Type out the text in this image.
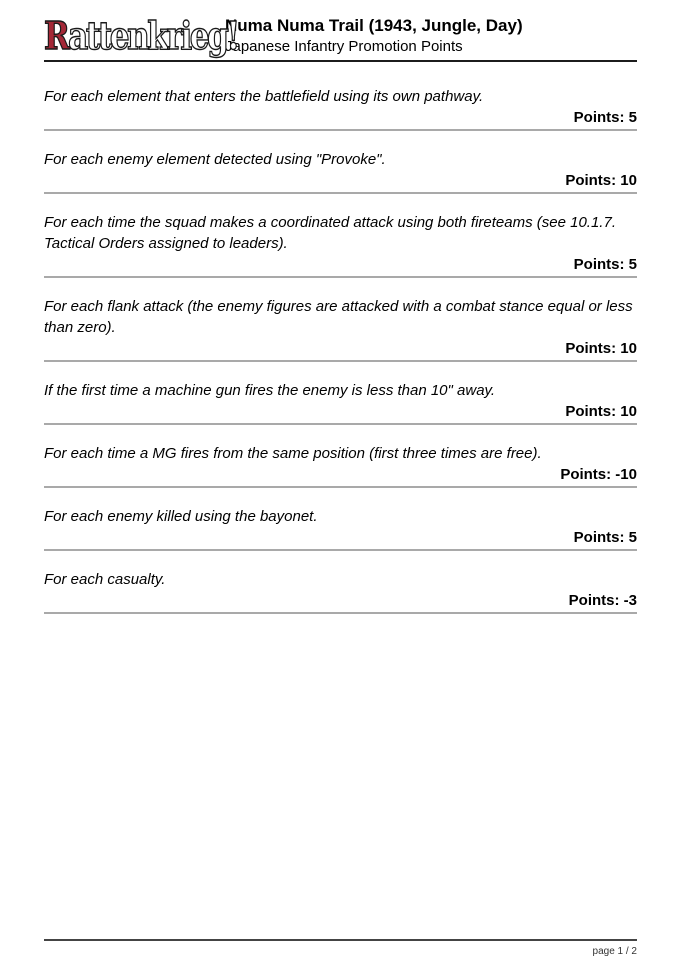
Rattenkrieg!
Numa Numa Trail (1943, Jungle, Day)
Japanese Infantry Promotion Points
For each element that enters the battlefield using its own pathway.
Points: 5
For each enemy element detected using "Provoke".
Points: 10
For each time the squad makes a coordinated attack using both fireteams (see 10.1.7. Tactical Orders assigned to leaders).
Points: 5
For each flank attack (the enemy figures are attacked with a combat stance equal or less than zero).
Points: 10
If the first time a machine gun fires the enemy is less than 10" away.
Points: 10
For each time a MG fires from the same position (first three times are free).
Points: -10
For each enemy killed using the bayonet.
Points: 5
For each casualty.
Points: -3
page 1 / 2
